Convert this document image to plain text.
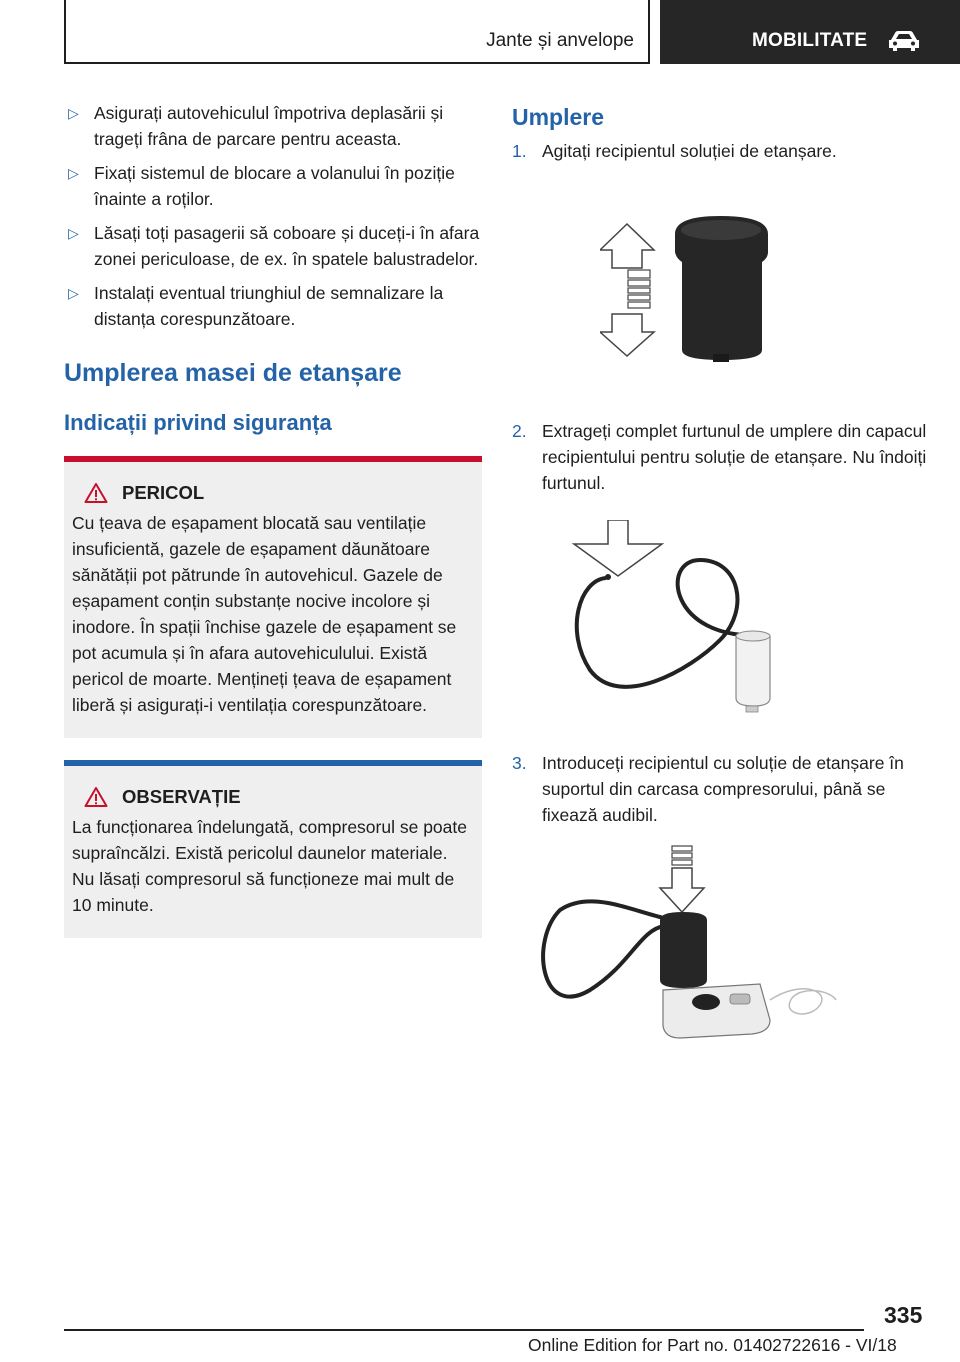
Jante și anvelope	MOBILITATE
▷ Asigurați autovehiculul împotriva deplasării și trageți frâna de parcare pentru aceasta.
▷ Fixați sistemul de blocare a volanului în poziție înainte a roților.
▷ Lăsați toți pasagerii să coboare și duceți-i în afara zonei periculoase, de ex. în spatele balustradelor.
▷ Instalați eventual triunghiul de semnalizare la distanța corespunzătoare.
Umplerea masei de etanșare
Indicații privind siguranța
PERICOL
Cu țeava de eșapament blocată sau ventilație insuficientă, gazele de eșapament dăunătoare sănătății pot pătrunde în autovehicul. Gazele de eșapament conțin substanțe nocive incolore și inodore. În spații închise gazele de eșapament se pot acumula și în afara autovehiculului. Există pericol de moarte. Mențineți țeava de eșapament liberă și asigurați-i ventilația corespunzătoare.
OBSERVAȚIE
La funcționarea îndelungată, compresorul se poate supraîncălzi. Există pericolul daunelor materiale. Nu lăsați compresorul să funcționeze mai mult de 10 minute.
Umplere
1. Agitați recipientul soluției de etanșare.
2. Extrageți complet furtunul de umplere din capacul recipientului pentru soluție de etanșare. Nu îndoiți furtunul.
3. Introduceți recipientul cu soluție de etanșare în suportul din carcasa compresorului, până se fixează audibil.
335
Online Edition for Part no. 01402722616 - VI/18
